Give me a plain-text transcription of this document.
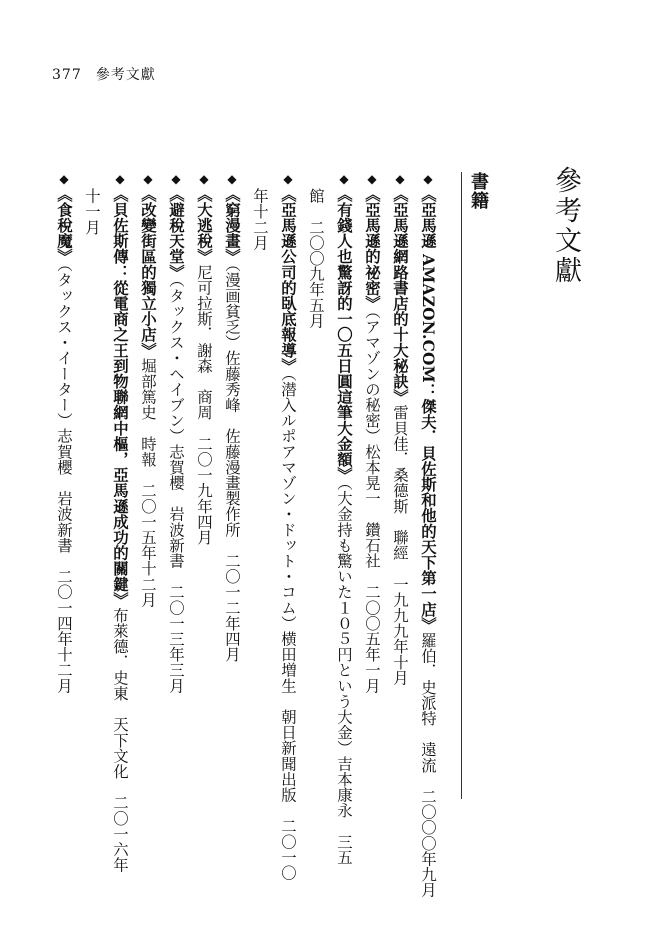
377 參考文獻
參考文獻
書籍
◆《亞馬遜 AMAZON.COM：傑夫．貝佐斯和他的天下第一店》羅伯．史派特　遠流　二〇〇〇年九月
◆《亞馬遜網路書店的十大秘訣》雷貝佳．桑德斯　聯經　一九九九年十月
◆《亞馬遜的祕密》（アマゾンの秘密）松本晃一　鑽石社　二〇〇五年一月
◆《有錢人也驚訝的一〇五日圓這筆大金額》（大金持も驚いた１０５円という大金）吉本康永　三五
館　二〇〇九年五月
◆《亞馬遜公司的臥底報導》（潜入ルポアマゾン・ドット・コム）横田増生　朝日新聞出版　二〇一〇
年十二月
◆《窮漫畫》（漫画貧乏）佐藤秀峰　佐藤漫畫製作所　二〇一二年四月
◆《大逃稅》尼可拉斯．謝森　商周　二〇一九年四月
◆《避稅天堂》（タックス・ヘイブン）志賀櫻　岩波新書　二〇一三年三月
◆《改變街區的獨立小店》堀部篤史　時報　二〇一五年十二月
◆《貝佐斯傳：從電商之王到物聯網中樞，亞馬遜成功的關鍵》布萊德．史東　天下文化　二〇一六年
十一月
◆《食稅魔》（タックス・イーター）志賀櫻　岩波新書　二〇一四年十二月
